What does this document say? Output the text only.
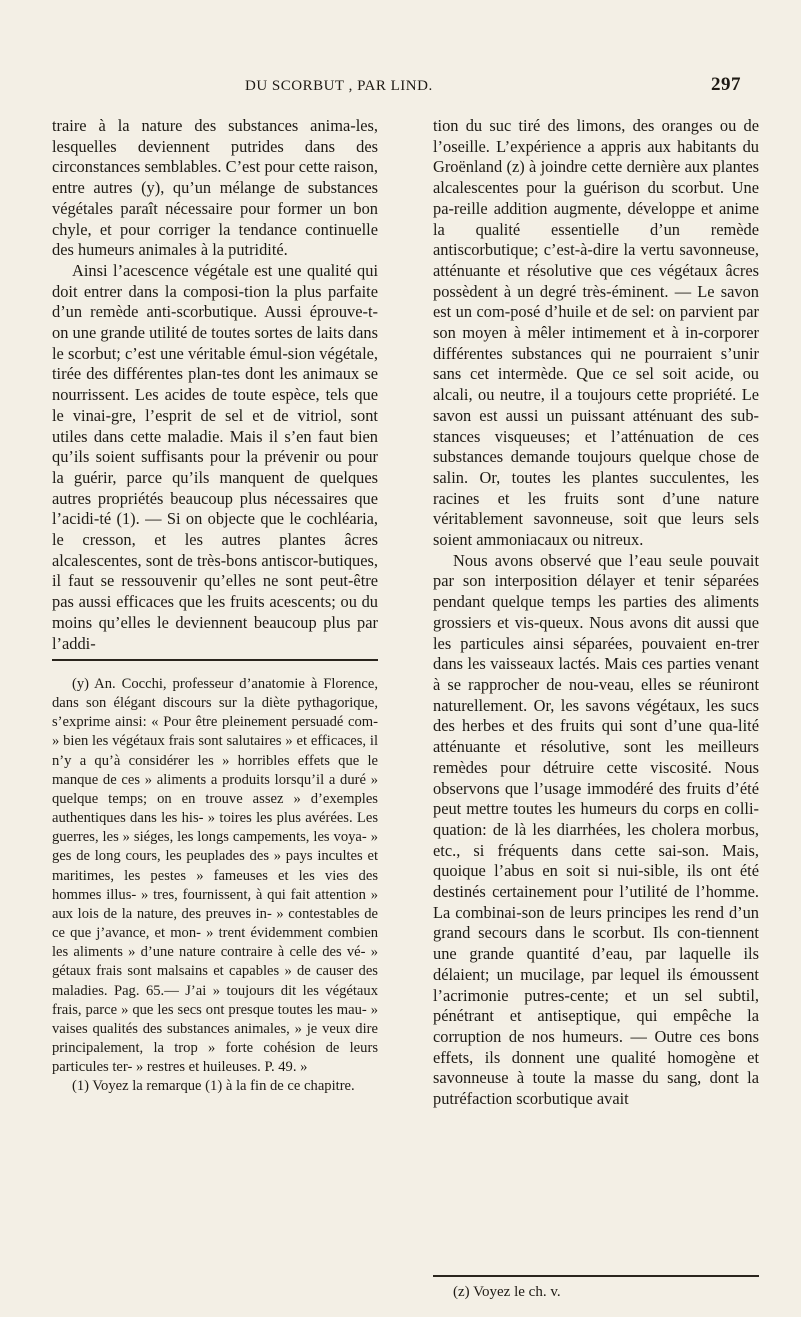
DU SCORBUT , PAR LIND.	297

traire à la nature des substances anima-les, lesquelles deviennent putrides dans des circonstances semblables. C’est pour cette raison, entre autres (y), qu’un mélange de substances végétales paraît nécessaire pour former un bon chyle, et pour corriger la tendance continuelle des humeurs animales à la putridité.

Ainsi l’acescence végétale est une qualité qui doit entrer dans la composi-tion la plus parfaite d’un remède anti-scorbutique. Aussi éprouve-t-on une grande utilité de toutes sortes de laits dans le scorbut; c’est une véritable émul-sion végétale, tirée des différentes plan-tes dont les animaux se nourrissent. Les acides de toute espèce, tels que le vinai-gre, l’esprit de sel et de vitriol, sont utiles dans cette maladie. Mais il s’en faut bien qu’ils soient suffisants pour la prévenir ou pour la guérir, parce qu’ils manquent de quelques autres propriétés beaucoup plus nécessaires que l’acidi-té (1). — Si on objecte que le cochléaria, le cresson, et les autres plantes âcres alcalescentes, sont de très-bons antiscor-butiques, il faut se ressouvenir qu’elles ne sont peut-être pas aussi efficaces que les fruits acescents; ou du moins qu’elles le deviennent beaucoup plus par l’addi-

(y) An. Cocchi, professeur d’anatomie à Florence, dans son élégant discours sur la diète pythagorique, s’exprime ainsi: « Pour être pleinement persuadé com- » bien les végétaux frais sont salutaires » et efficaces, il n’y a qu’à considérer les » horribles effets que le manque de ces » aliments a produits lorsqu’il a duré » quelque temps; on en trouve assez » d’exemples authentiques dans les his- » toires les plus avérées. Les guerres, les » siéges, les longs campements, les voya- » ges de long cours, les peuplades des » pays incultes et maritimes, les pestes » fameuses et les vies des hommes illus- » tres, fournissent, à qui fait attention » aux lois de la nature, des preuves in- » contestables de ce que j’avance, et mon- » trent évidemment combien les aliments » d’une nature contraire à celle des vé- » gétaux frais sont malsains et capables » de causer des maladies. Pag. 65.— J’ai » toujours dit les végétaux frais, parce » que les secs ont presque toutes les mau- » vaises qualités des substances animales, » je veux dire principalement, la trop » forte cohésion de leurs particules ter- » restres et huileuses. P. 49. »

(1) Voyez la remarque (1) à la fin de ce chapitre.

tion du suc tiré des limons, des oranges ou de l’oseille. L’expérience a appris aux habitants du Groënland (z) à joindre cette dernière aux plantes alcalescentes pour la guérison du scorbut. Une pa-reille addition augmente, développe et anime la qualité essentielle d’un remède antiscorbutique; c’est-à-dire la vertu savonneuse, atténuante et résolutive que ces végétaux âcres possèdent à un degré très-éminent. — Le savon est un com-posé d’huile et de sel: on parvient par son moyen à mêler intimement et à in-corporer différentes substances qui ne pourraient s’unir sans cet intermède. Que ce sel soit acide, ou alcali, ou neutre, il a toujours cette propriété. Le savon est aussi un puissant atténuant des sub-stances visqueuses; et l’atténuation de ces substances demande toujours quelque chose de salin. Or, toutes les plantes succulentes, les racines et les fruits sont d’une nature véritablement savonneuse, soit que leurs sels soient ammoniacaux ou nitreux.

Nous avons observé que l’eau seule pouvait par son interposition délayer et tenir séparées pendant quelque temps les parties des aliments grossiers et vis-queux. Nous avons dit aussi que les particules ainsi séparées, pouvaient en-trer dans les vaisseaux lactés. Mais ces parties venant à se rapprocher de nou-veau, elles se réuniront naturellement. Or, les savons végétaux, les sucs des herbes et des fruits qui sont d’une qua-lité atténuante et résolutive, sont les meilleurs remèdes pour détruire cette viscosité. Nous observons que l’usage immodéré des fruits d’été peut mettre toutes les humeurs du corps en colli-quation: de là les diarrhées, les cholera morbus, etc., si fréquents dans cette sai-son. Mais, quoique l’abus en soit si nui-sible, ils ont été destinés certainement pour l’utilité de l’homme. La combinai-son de leurs principes les rend d’un grand secours dans le scorbut. Ils con-tiennent une grande quantité d’eau, par laquelle ils délaient; un mucilage, par lequel ils émoussent l’acrimonie putres-cente; et un sel subtil, pénétrant et antiseptique, qui empêche la corruption de nos humeurs. — Outre ces bons effets, ils donnent une qualité homogène et savonneuse à toute la masse du sang, dont la putréfaction scorbutique avait

(z) Voyez le ch. v.
